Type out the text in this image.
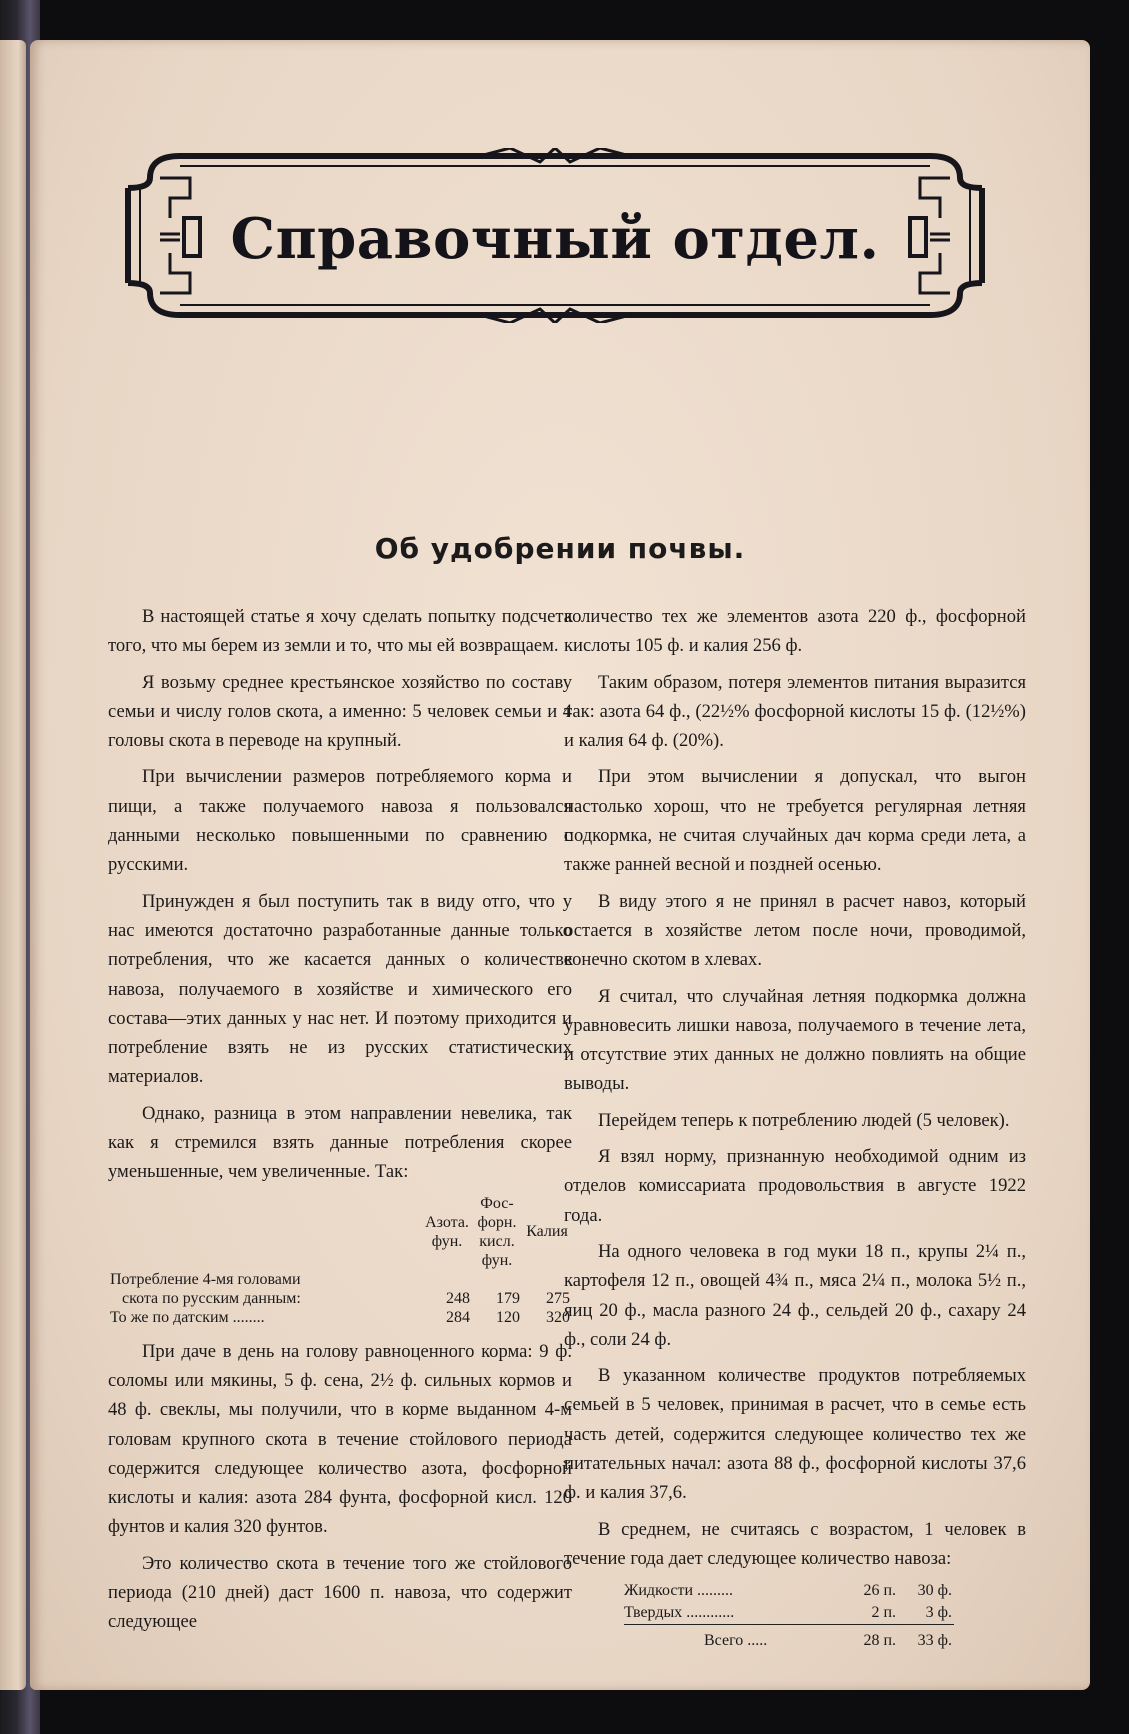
Справочный отдел.
Об удобрении почвы.

В настоящей статье я хочу сделать попытку подсчета того, что мы берем из земли и то, что мы ей возвращаем.

Я возьму среднее крестьянское хозяйство по составу семьи и числу голов скота, а именно: 5 человек семьи и 4 головы скота в переводе на крупный.

При вычислении размеров потребляемого корма и пищи, а также получаемого навоза я пользовался данными несколько повышенными по сравнению с русскими.

Принужден я был поступить так в виду отго, что у нас имеются достаточно разработанные данные только потребления, что же касается данных о количестве навоза, получаемого в хозяйстве и химического его состава—этих данных у нас нет. И поэтому приходится и потребление взять не из русских статистических материалов.

Однако, разница в этом направлении невелика, так как я стремился взять данные потребления скорее уменьшенные, чем увеличенные. Так:

	Азота. фун.	Фос- форн. кисл. фун.	Калия
Потребление 4-мя головами			
скота по русским данным:	248	179	275
То же по датским ........	284	120	320

При даче в день на голову равноценного корма: 9 ф. соломы или мякины, 5 ф. сена, 2½ ф. сильных кормов и 48 ф. свеклы, мы получили, что в корме выданном 4-м головам крупного скота в течение стойлового периода содержится следующее количество азота, фосфорной кислоты и калия: азота 284 фунта, фосфорной кисл. 120 фунтов и калия 320 фунтов.

Это количество скота в течение того же стойлового периода (210 дней) даст 1600 п. навоза, что содержит следующее

количество тех же элементов азота 220 ф., фосфорной кислоты 105 ф. и калия 256 ф.

Таким образом, потеря элементов питания выразится так: азота 64 ф., (22½% фосфорной кислоты 15 ф. (12½%) и калия 64 ф. (20%).

При этом вычислении я допускал, что выгон настолько хорош, что не требуется регулярная летняя подкормка, не считая случайных дач корма среди лета, а также ранней весной и поздней осенью.

В виду этого я не принял в расчет навоз, который остается в хозяйстве летом после ночи, проводимой, конечно скотом в хлевах.

Я считал, что случайная летняя подкормка должна уравновесить лишки навоза, получаемого в течение лета, и отсутствие этих данных не должно повлиять на общие выводы.

Перейдем теперь к потреблению людей (5 человек).

Я взял норму, признанную необходимой одним из отделов комиссариата продовольствия в августе 1922 года.

На одного человека в год муки 18 п., крупы 2¼ п., картофеля 12 п., овощей 4¾ п., мяса 2¼ п., молока 5½ п., яиц 20 ф., масла разного 24 ф., сельдей 20 ф., сахару 24 ф., соли 24 ф.

В указанном количестве продуктов потребляемых семьей в 5 человек, принимая в расчет, что в семье есть часть детей, содержится следующее количество тех же питательных начал: азота 88 ф., фосфорной кислоты 37,6 ф. и калия 37,6.

В среднем, не считаясь с возрастом, 1 человек в течение года дает следующее количество навоза:

Жидкости .........	26 п.	30 ф.
Твердых ............	2 п.	3 ф.
Всего .....	28 п.	33 ф.
